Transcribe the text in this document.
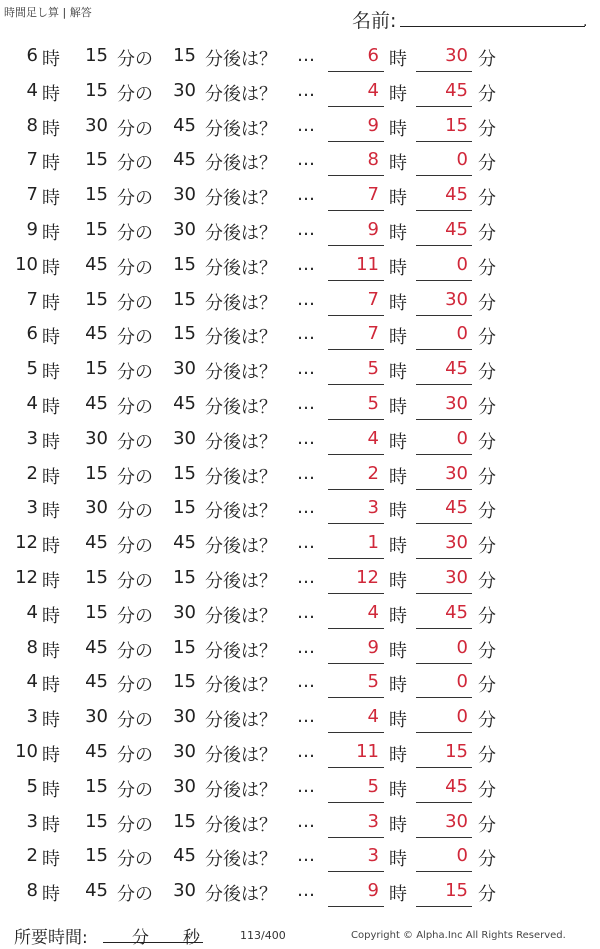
時間足し算 | 解答	名前:	.
6 時 15 分の 15 分後は？ …	6 時	30 分
4 時 15 分の 30 分後は？ …	4 時	45 分
8 時 30 分の 45 分後は？ …	9 時	15 分
7 時 15 分の 45 分後は？ …	8 時	0 分
7 時 15 分の 30 分後は？ …	7 時	45 分
9 時 15 分の 30 分後は？ …	9 時	45 分
10 時 45 分の 15 分後は？ …	11 時	0 分
7 時 15 分の 15 分後は？ …	7 時	30 分
6 時 45 分の 15 分後は？ …	7 時	0 分
5 時 15 分の 30 分後は？ …	5 時	45 分
4 時 45 分の 45 分後は？ …	5 時	30 分
3 時 30 分の 30 分後は？ …	4 時	0 分
2 時 15 分の 15 分後は？ …	2 時	30 分
3 時 30 分の 15 分後は？ …	3 時	45 分
12 時 45 分の 45 分後は？ …	1 時	30 分
12 時 15 分の 15 分後は？ …	12 時	30 分
4 時 15 分の 30 分後は？ …	4 時	45 分
8 時 45 分の 15 分後は？ …	9 時	0 分
4 時 45 分の 15 分後は？ …	5 時	0 分
3 時 30 分の 30 分後は？ …	4 時	0 分
10 時 45 分の 30 分後は？ …	11 時	15 分
5 時 15 分の 30 分後は？ …	5 時	45 分
3 時 15 分の 15 分後は？ …	3 時	30 分
2 時 15 分の 45 分後は？ …	3 時	0 分
8 時 45 分の 30 分後は？ …	9 時	15 分
所要時間:	分 秒	113/400	Copyright © Alpha.Inc All Rights Reserved.
